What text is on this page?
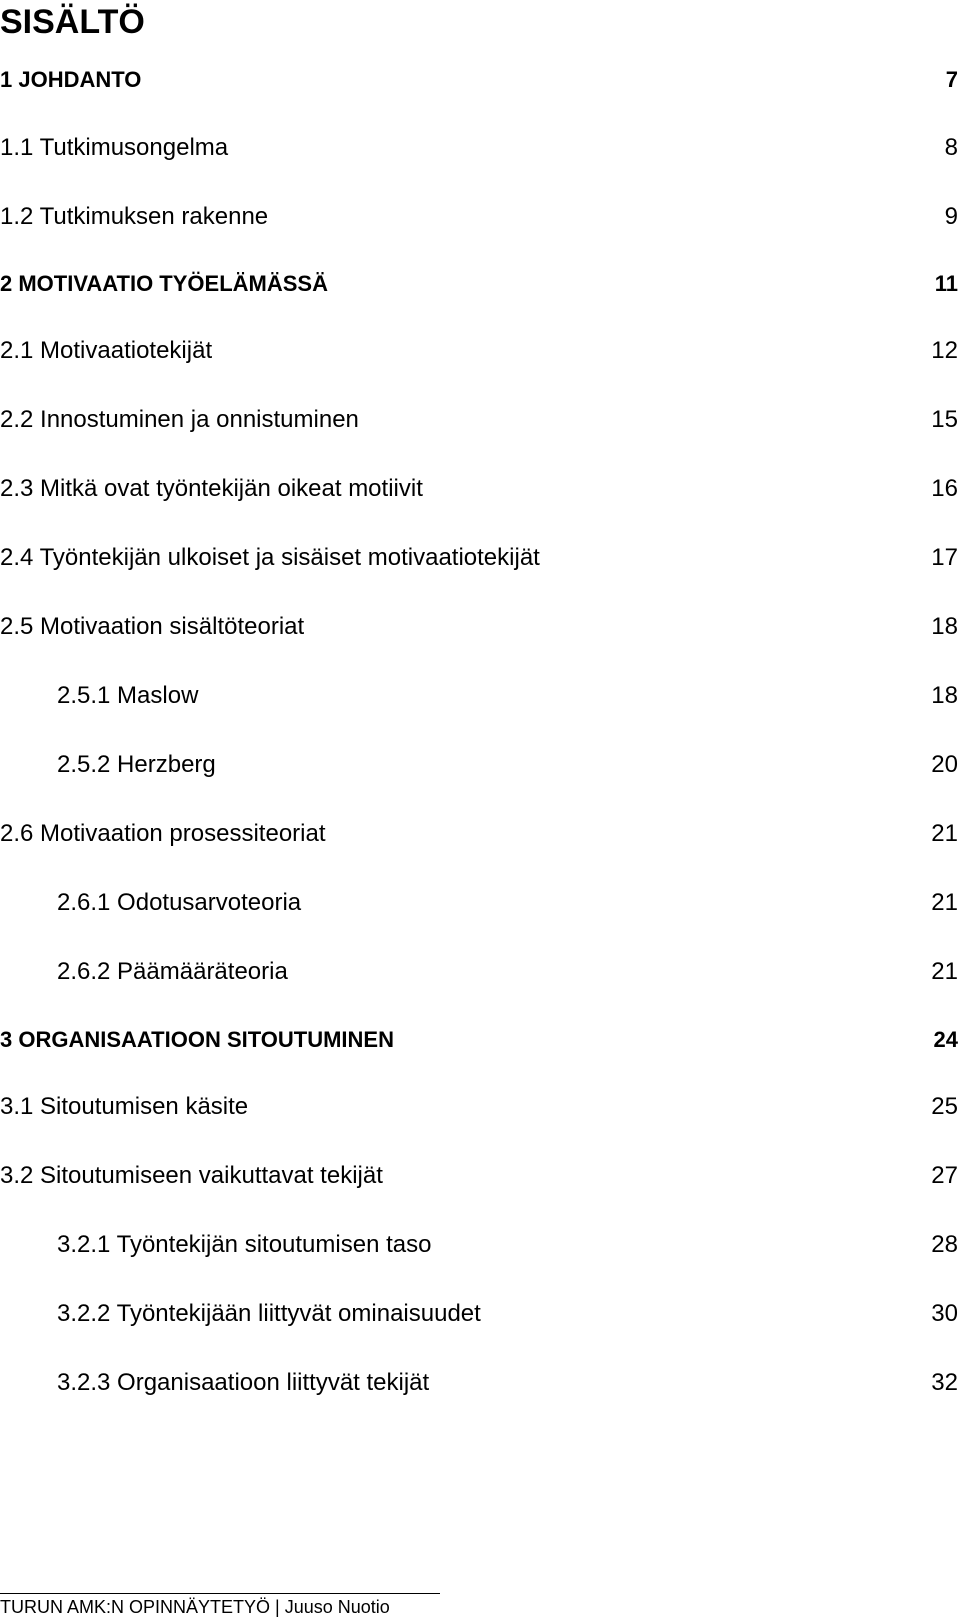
SISÄLTÖ
1 JOHDANTO	7
1.1 Tutkimusongelma	8
1.2 Tutkimuksen rakenne	9
2 MOTIVAATIO TYÖELÄMÄSSÄ	11
2.1 Motivaatiotekijät	12
2.2 Innostuminen ja onnistuminen	15
2.3 Mitkä ovat työntekijän oikeat motiivit	16
2.4 Työntekijän ulkoiset ja sisäiset motivaatiotekijät	17
2.5 Motivaation sisältöteoriat	18
2.5.1 Maslow	18
2.5.2 Herzberg	20
2.6 Motivaation prosessiteoriat	21
2.6.1 Odotusarvoteoria	21
2.6.2 Päämääräteoria	21
3 ORGANISAATIOON SITOUTUMINEN	24
3.1 Sitoutumisen käsite	25
3.2 Sitoutumiseen vaikuttavat tekijät	27
3.2.1 Työntekijän sitoutumisen taso	28
3.2.2 Työntekijään liittyvät ominaisuudet	30
3.2.3 Organisaatioon liittyvät tekijät	32
TURUN AMK:N OPINNÄYTETYÖ | Juuso Nuotio
